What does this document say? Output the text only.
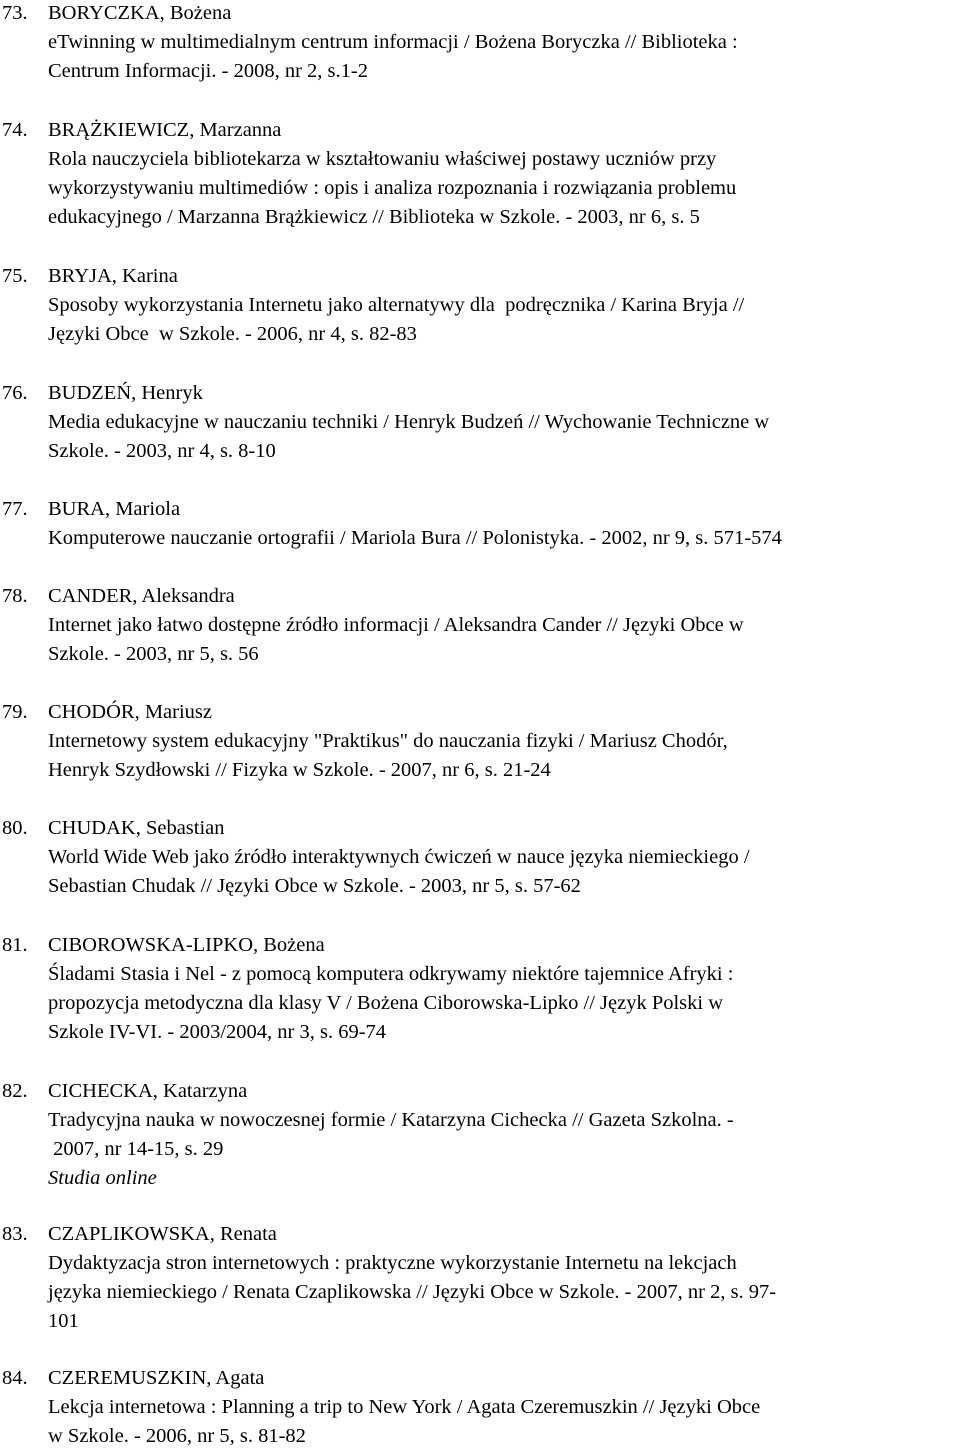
73. BORYCZKA, Bożena
eTwinning w multimedialnym centrum informacji / Bożena Boryczka // Biblioteka :
Centrum Informacji. - 2008, nr 2, s.1-2
74. BRĄŻKIEWICZ, Marzanna
Rola nauczyciela bibliotekarza w kształtowaniu właściwej postawy uczniów przy
wykorzystywaniu multimediów : opis i analiza rozpoznania i rozwiązania problemu
edukacyjnego / Marzanna Brążkiewicz // Biblioteka w Szkole. - 2003, nr 6, s. 5
75. BRYJA, Karina
Sposoby wykorzystania Internetu jako alternatywy dla  podręcznika / Karina Bryja //
Języki Obce  w Szkole. - 2006, nr 4, s. 82-83
76. BUDZEŃ, Henryk
Media edukacyjne w nauczaniu techniki / Henryk Budzeń // Wychowanie Techniczne w
Szkole. - 2003, nr 4, s. 8-10
77. BURA, Mariola
Komputerowe nauczanie ortografii / Mariola Bura // Polonistyka. - 2002, nr 9, s. 571-574
78. CANDER, Aleksandra
Internet jako łatwo dostępne źródło informacji / Aleksandra Cander // Języki Obce w
Szkole. - 2003, nr 5, s. 56
79. CHODÓR, Mariusz
Internetowy system edukacyjny "Praktikus" do nauczania fizyki / Mariusz Chodór,
Henryk Szydłowski // Fizyka w Szkole. - 2007, nr 6, s. 21-24
80. CHUDAK, Sebastian
World Wide Web jako źródło interaktywnych ćwiczeń w nauce języka niemieckiego /
Sebastian Chudak // Języki Obce w Szkole. - 2003, nr 5, s. 57-62
81. CIBOROWSKA-LIPKO, Bożena
Śladami Stasia i Nel - z pomocą komputera odkrywamy niektóre tajemnice Afryki :
propozycja metodyczna dla klasy V / Bożena Ciborowska-Lipko // Język Polski w
Szkole IV-VI. - 2003/2004, nr 3, s. 69-74
82. CICHECKA, Katarzyna
Tradycyjna nauka w nowoczesnej formie / Katarzyna Cichecka // Gazeta Szkolna. -
2007, nr 14-15, s. 29
Studia online
83. CZAPLIKOWSKA, Renata
Dydaktyzacja stron internetowych : praktyczne wykorzystanie Internetu na lekcjach
języka niemieckiego / Renata Czaplikowska // Języki Obce w Szkole. - 2007, nr 2, s. 97-
101
84. CZEREMUSZKIN, Agata
Lekcja internetowa : Planning a trip to New York / Agata Czeremuszkin // Języki Obce
w Szkole. - 2006, nr 5, s. 81-82
